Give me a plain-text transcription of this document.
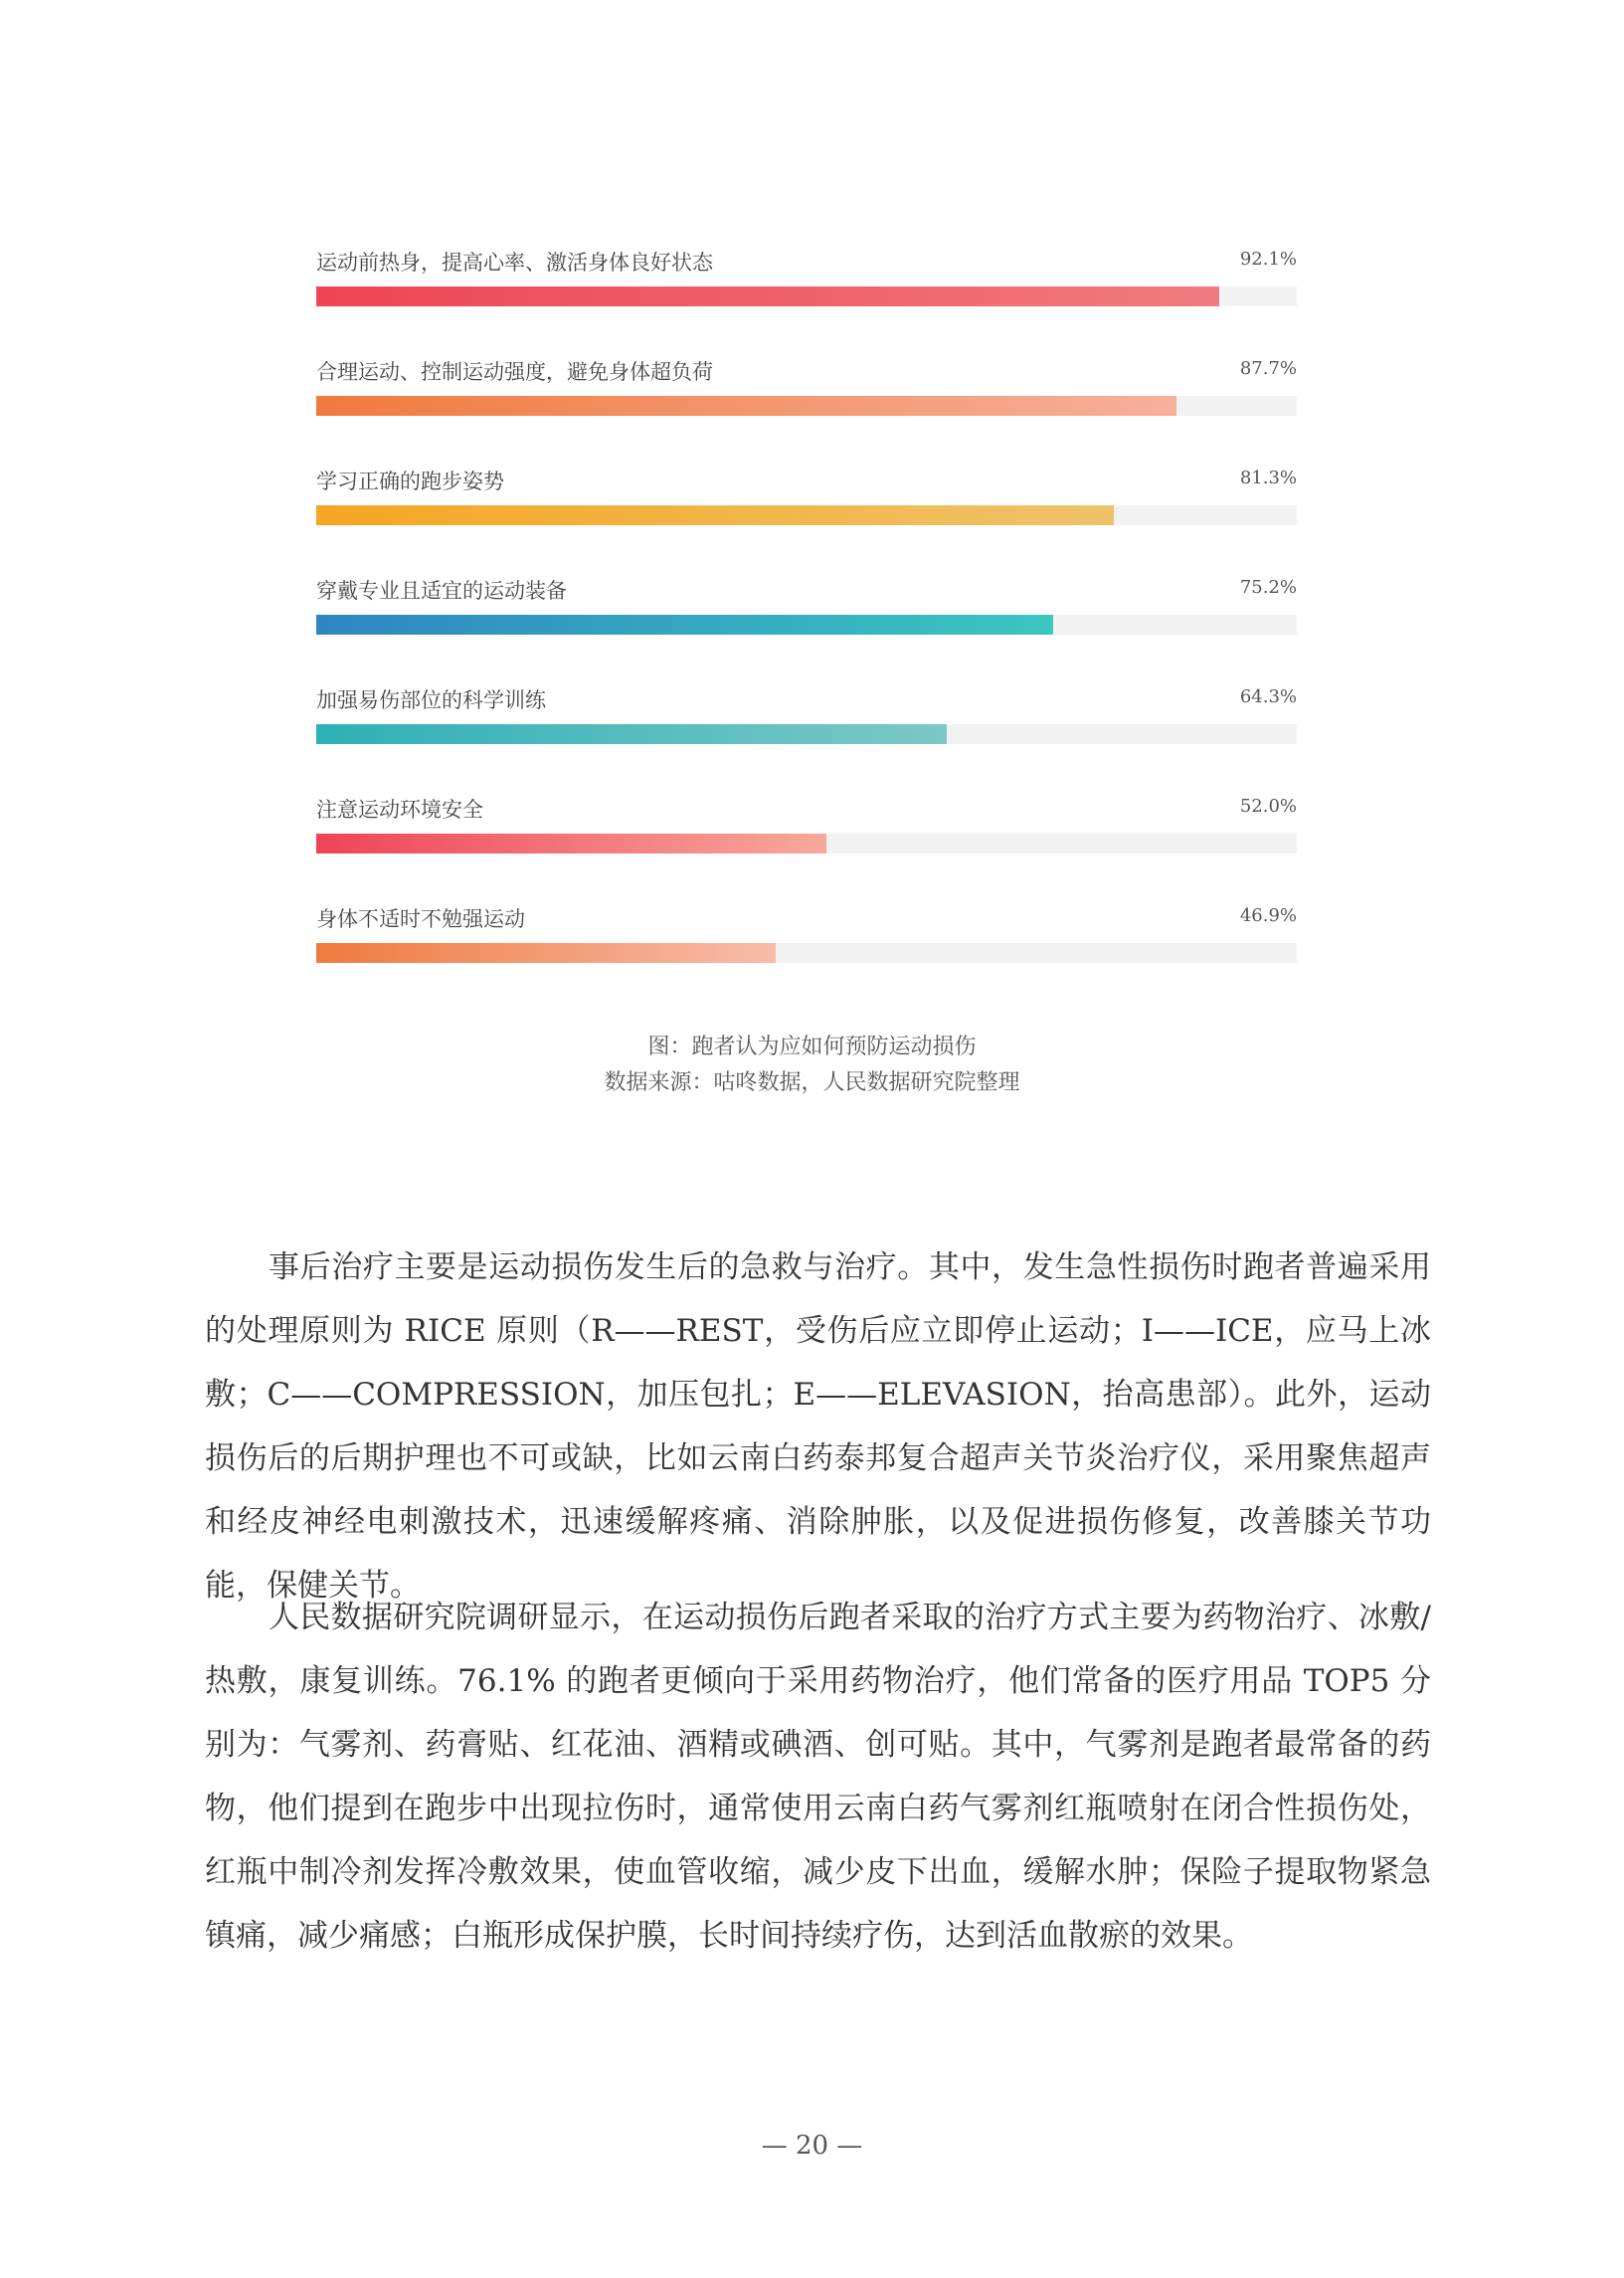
运动前热身，提高心率、激活身体良好状态	92.1%
合理运动、控制运动强度，避免身体超负荷	87.7%
学习正确的跑步姿势	81.3%
穿戴专业且适宜的运动装备	75.2%
加强易伤部位的科学训练	64.3%
注意运动环境安全	52.0%
身体不适时不勉强运动	46.9%
图：跑者认为应如何预防运动损伤
数据来源：咕咚数据，人民数据研究院整理

事后治疗主要是运动损伤发生后的急救与治疗。其中，发生急性损伤时跑者普遍采用的处理原则为 RICE 原则（R——REST，受伤后应立即停止运动；I——ICE，应马上冰敷；C——COMPRESSION，加压包扎；E——ELEVASION，抬高患部）。此外，运动损伤后的后期护理也不可或缺，比如云南白药泰邦复合超声关节炎治疗仪，采用聚焦超声和经皮神经电刺激技术，迅速缓解疼痛、消除肿胀，以及促进损伤修复，改善膝关节功能，保健关节。

人民数据研究院调研显示，在运动损伤后跑者采取的治疗方式主要为药物治疗、冰敷/热敷，康复训练。76.1% 的跑者更倾向于采用药物治疗，他们常备的医疗用品 TOP5 分别为：气雾剂、药膏贴、红花油、酒精或碘酒、创可贴。其中，气雾剂是跑者最常备的药物，他们提到在跑步中出现拉伤时，通常使用云南白药气雾剂红瓶喷射在闭合性损伤处，红瓶中制冷剂发挥冷敷效果，使血管收缩，减少皮下出血，缓解水肿；保险子提取物紧急镇痛，减少痛感；白瓶形成保护膜，长时间持续疗伤，达到活血散瘀的效果。

— 20 —
